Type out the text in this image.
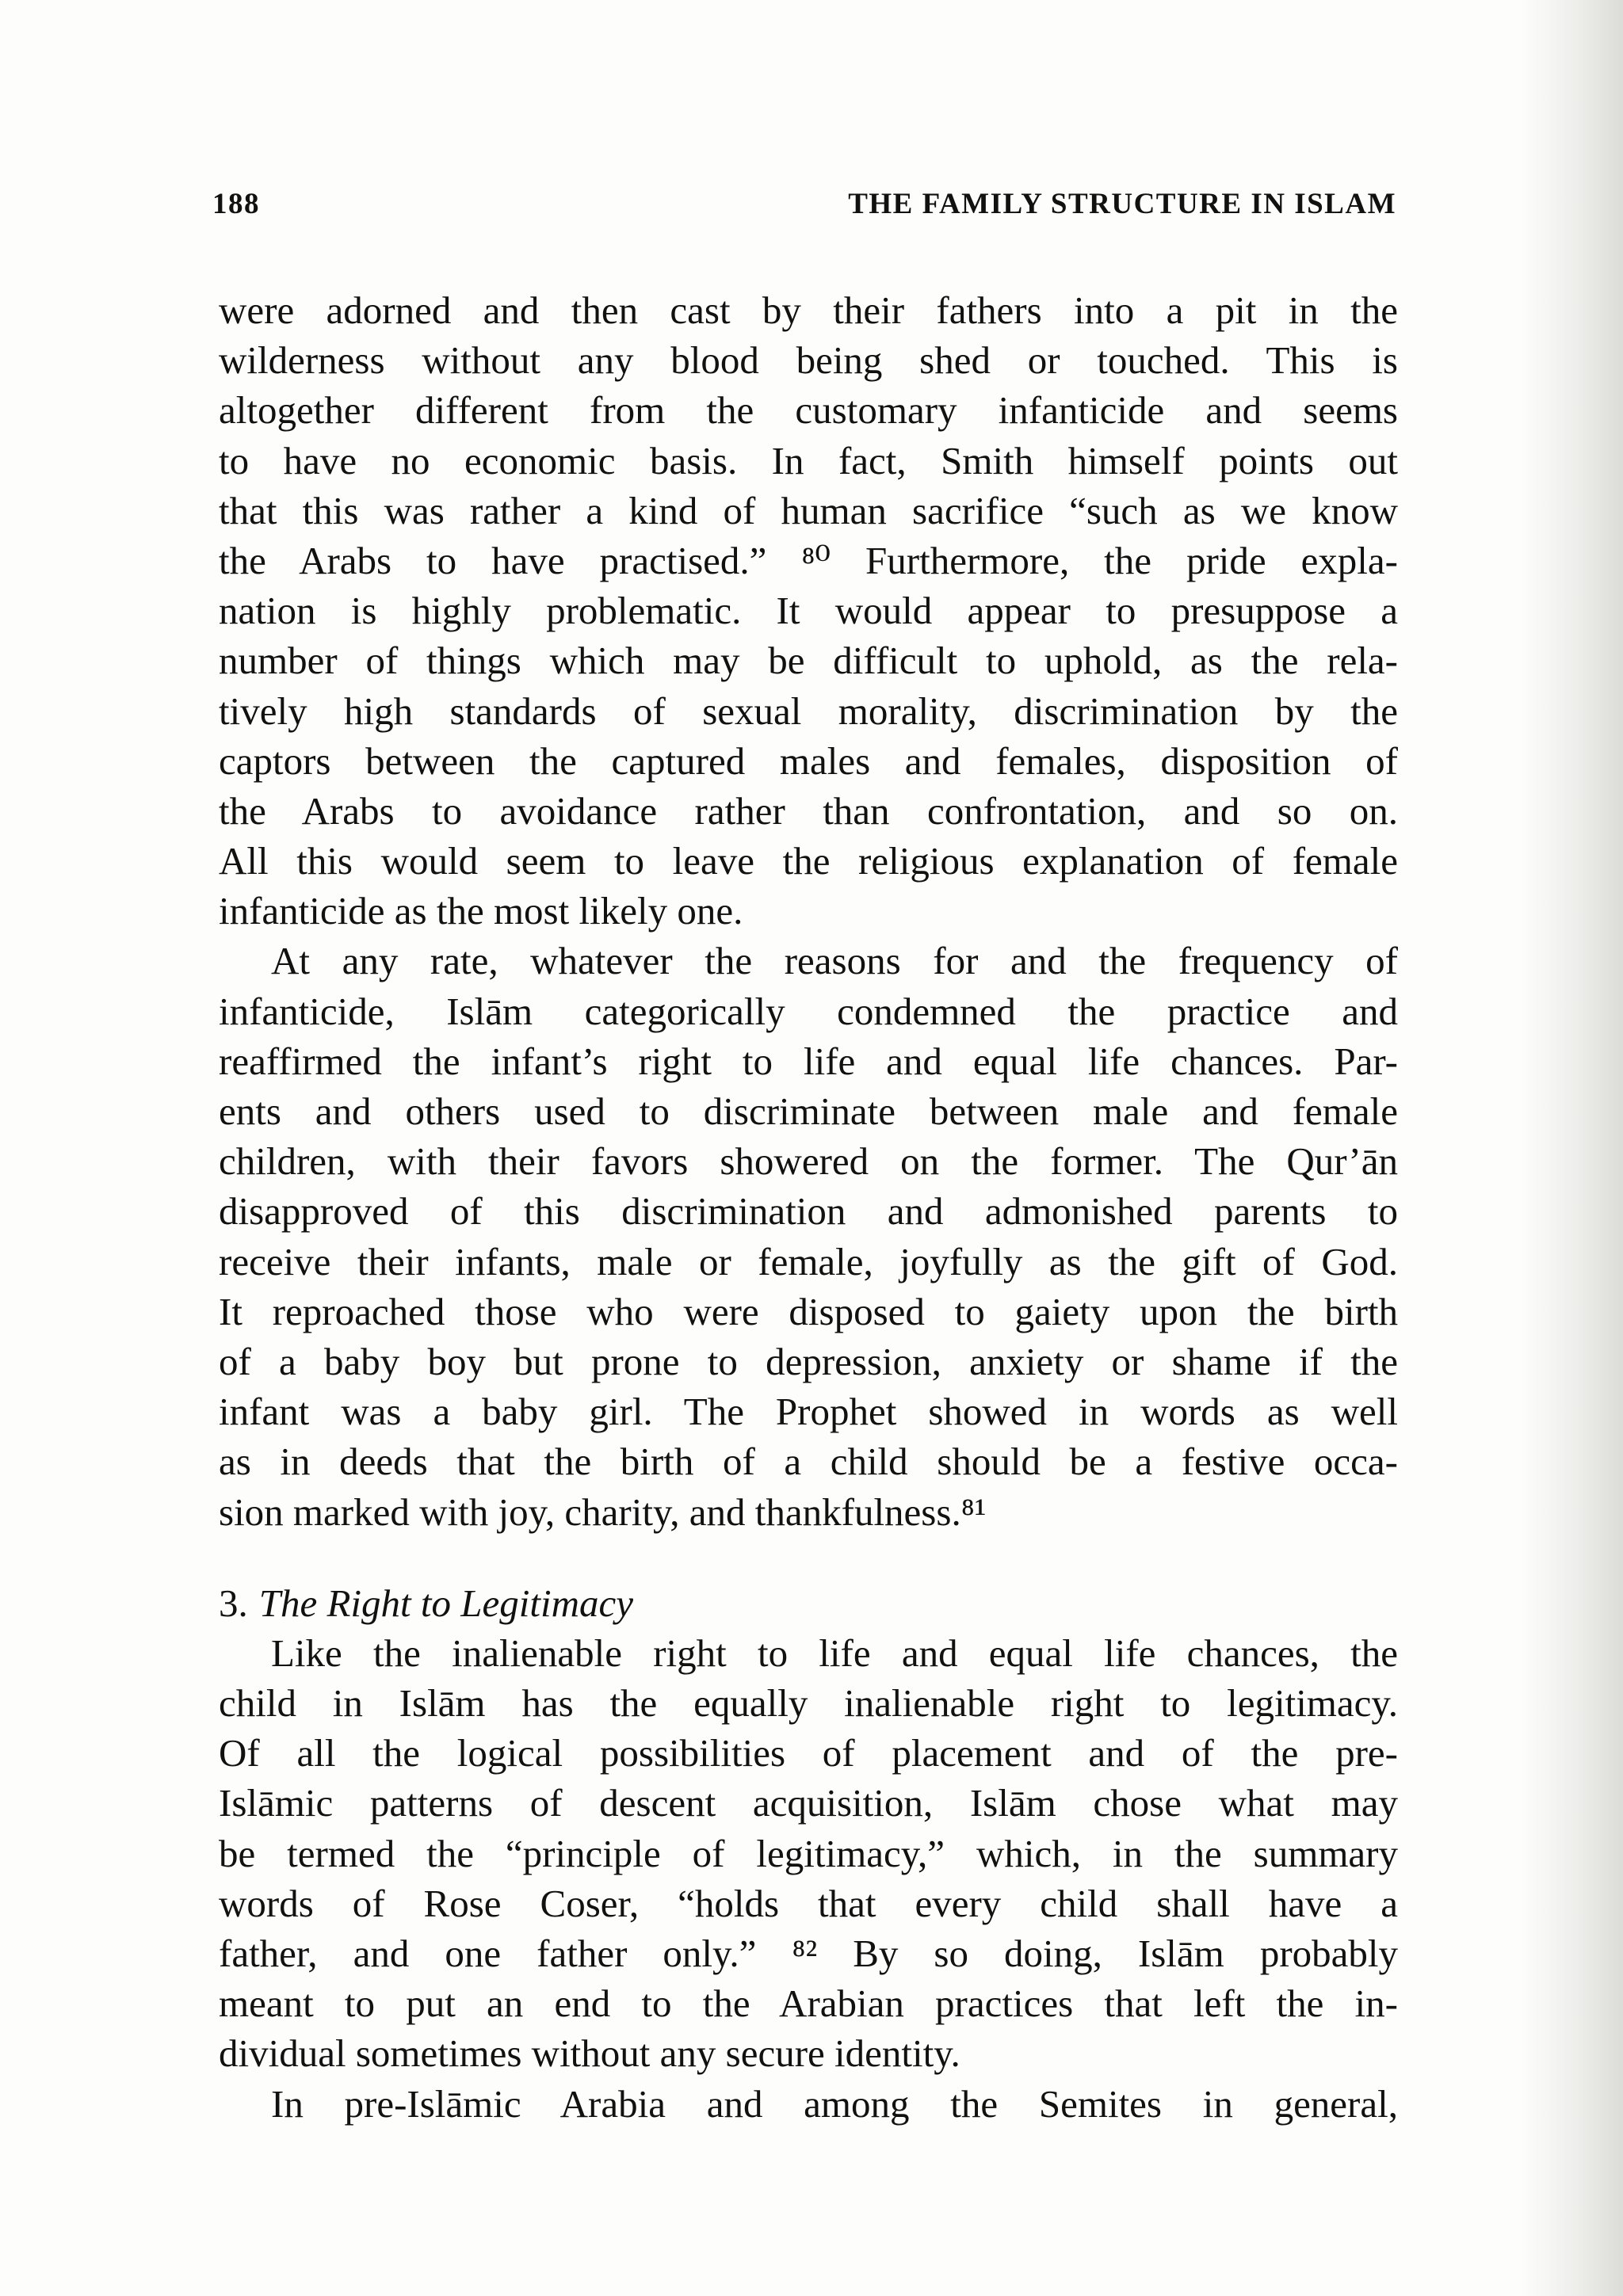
188	THE FAMILY STRUCTURE IN ISLAM
were adorned and then cast by their fathers into a pit in the
wilderness without any blood being shed or touched. This is
altogether different from the customary infanticide and seems
to have no economic basis. In fact, Smith himself points out
that this was rather a kind of human sacrifice “such as we know
the Arabs to have practised.” ⁸⁰ Furthermore, the pride expla-
nation is highly problematic. It would appear to presuppose a
number of things which may be difficult to uphold, as the rela-
tively high standards of sexual morality, discrimination by the
captors between the captured males and females, disposition of
the Arabs to avoidance rather than confrontation, and so on.
All this would seem to leave the religious explanation of female
infanticide as the most likely one.
At any rate, whatever the reasons for and the frequency of
infanticide, Islām categorically condemned the practice and
reaffirmed the infant’s right to life and equal life chances. Par-
ents and others used to discriminate between male and female
children, with their favors showered on the former. The Qur’ān
disapproved of this discrimination and admonished parents to
receive their infants, male or female, joyfully as the gift of God.
It reproached those who were disposed to gaiety upon the birth
of a baby boy but prone to depression, anxiety or shame if the
infant was a baby girl. The Prophet showed in words as well
as in deeds that the birth of a child should be a festive occa-
sion marked with joy, charity, and thankfulness.⁸¹
3. The Right to Legitimacy
Like the inalienable right to life and equal life chances, the
child in Islām has the equally inalienable right to legitimacy.
Of all the logical possibilities of placement and of the pre-
Islāmic patterns of descent acquisition, Islām chose what may
be termed the “principle of legitimacy,” which, in the summary
words of Rose Coser, “holds that every child shall have a
father, and one father only.” ⁸² By so doing, Islām probably
meant to put an end to the Arabian practices that left the in-
dividual sometimes without any secure identity.
In pre-Islāmic Arabia and among the Semites in general,
